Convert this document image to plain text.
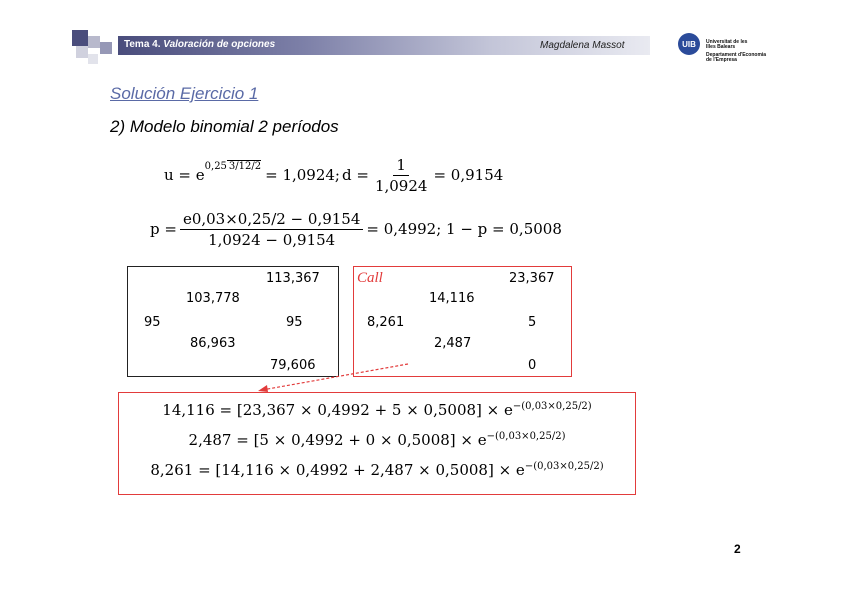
Tema 4. Valoración de opciones	Magdalena Massot	UIB	Universitat de les
Illes Balears
Departament d'Economia
de l'Empresa
Solución Ejercicio 1
2) Modelo binomial 2 períodos
u = e $^{0,25 3/12/2}$ = 1,0924; $d = \frac{1}{1,0924} = 0,9154$
$p = \frac{e0,03\times 0,25/2 - 0,9154}{1,0924 - 0,9154} = 0,4992$; 1 − p = 0,5008
113,367
103,778
95	95
86,963
79,606
Call	23,367
14,116
8,261	5
2,487
0
$14,116 = [23,367 \times 0,4992 + 5 \times 0,5008] \times e^{-(0,03\times 0,25/2)}$
$2,487 = [5 \times 0,4992 + 0 \times 0,5008] \times e^{-(0,03\times 0,25/2)}$
$8,261 = [14,116 \times 0,4992 + 2,487 \times 0,5008] \times e^{-(0,03\times 0,25/2)}$
2
